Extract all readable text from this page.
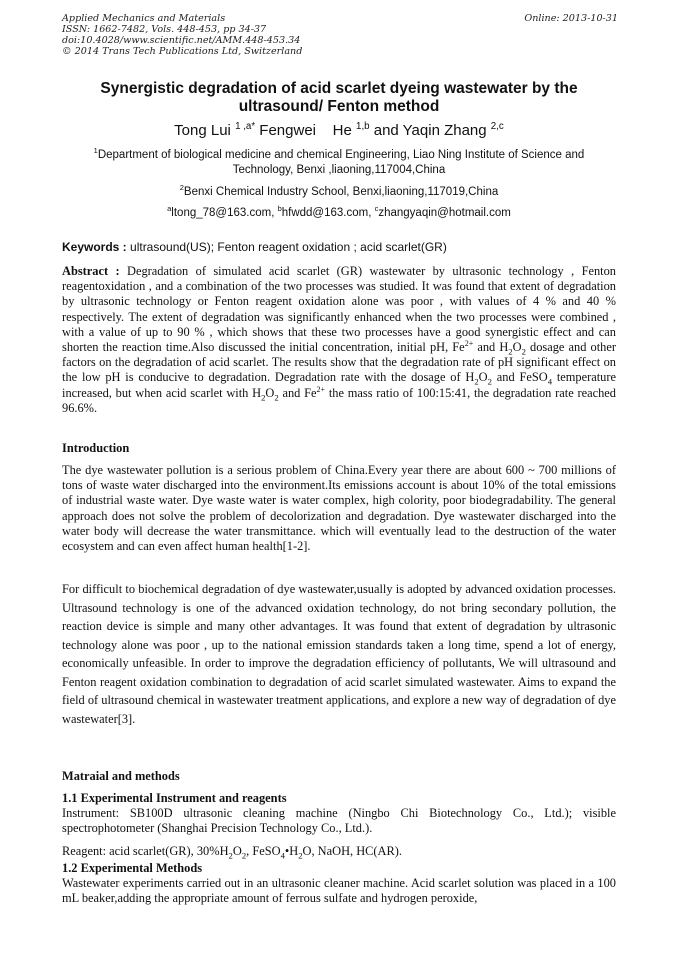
Applied Mechanics and Materials	Online: 2013-10-31
ISSN: 1662-7482, Vols. 448-453, pp 34-37
doi:10.4028/www.scientific.net/AMM.448-453.34
© 2014 Trans Tech Publications Ltd, Switzerland
Synergistic degradation of acid scarlet dyeing wastewater by the
ultrasound/ Fenton method
Tong Lui $^{1 ,a*}$ Fengwei    He $^{1,b}$ and Yaqin Zhang $^{2,c}$
$^1$Department of biological medicine and chemical Engineering, Liao Ning Institute of Science and
Technology, Benxi ,liaoning,117004,China
$^2$Benxi Chemical Industry School, Benxi,liaoning,117019,China
$^a$ltong_78@163.com, $^b$hfwdd@163.com, $^c$zhangyaqin@hotmail.com
Keywords : ultrasound(US); Fenton reagent oxidation ; acid scarlet(GR)
Abstract : Degradation of simulated acid scarlet (GR) wastewater by ultrasonic technology , Fenton reagentoxidation , and a combination of the two processes was studied. It was found that extent of degradation by ultrasonic technology or Fenton reagent oxidation alone was poor , with values of 4 % and 40 % respectively. The extent of degradation was significantly enhanced when the two processes were combined , with a value of up to 90 % , which shows that these two processes have a good synergistic effect and can shorten the reaction time.Also discussed the initial concentration, initial pH, $Fe^{2+}$ and $H_2O_2$ dosage and other factors on the degradation of acid scarlet. The results show that the degradation rate of pH significant effect on the low pH is conducive to degradation. Degradation rate with the dosage of $H_2O_2$ and FeSO$_4$ temperature increased, but when acid scarlet with $H_2O_2$ and $Fe^{2+}$ the mass ratio of 100:15:41, the degradation rate reached 96.6%.
Introduction
The dye wastewater pollution is a serious problem of China.Every year there are about 600 ~ 700 millions of tons of waste water discharged into the environment.Its emissions account is about 10% of the total emissions of industrial waste water. Dye waste water is water complex, high colority, poor biodegradability. The general approach does not solve the problem of decolorization and degradation. Dye wastewater discharged into the water body will decrease the water transmittance. which will eventually lead to the destruction of the water ecosystem and can even affect human health[1-2].
For difficult to biochemical degradation of dye wastewater,usually is adopted by advanced oxidation processes. Ultrasound technology is one of the advanced oxidation technology, do not bring secondary pollution, the reaction device is simple and many other advantages. It was found that extent of degradation by ultrasonic technology alone was poor , up to the national emission standards taken a long time, spend a lot of energy, economically unfeasible. In order to improve the degradation efficiency of pollutants, We will ultrasound and Fenton reagent oxidation combination to degradation of acid scarlet simulated wastewater. Aims to expand the field of ultrasound chemical in wastewater treatment applications, and explore a new way of degradation of dye wastewater[3].
Matraial and methods
1.1 Experimental Instrument and reagents
Instrument: SB100D ultrasonic cleaning machine (Ningbo Chi Biotechnology Co., Ltd.); visible spectrophotometer (Shanghai Precision Technology Co., Ltd.).
Reagent: acid scarlet(GR), $30\%H_2O_2$, $FeSO_4•H_2O$, NaOH, HC(AR).
1.2 Experimental Methods
Wastewater experiments carried out in an ultrasonic cleaner machine. Acid scarlet solution was placed in a 100 mL beaker,adding the appropriate amount of ferrous sulfate and hydrogen peroxide,
